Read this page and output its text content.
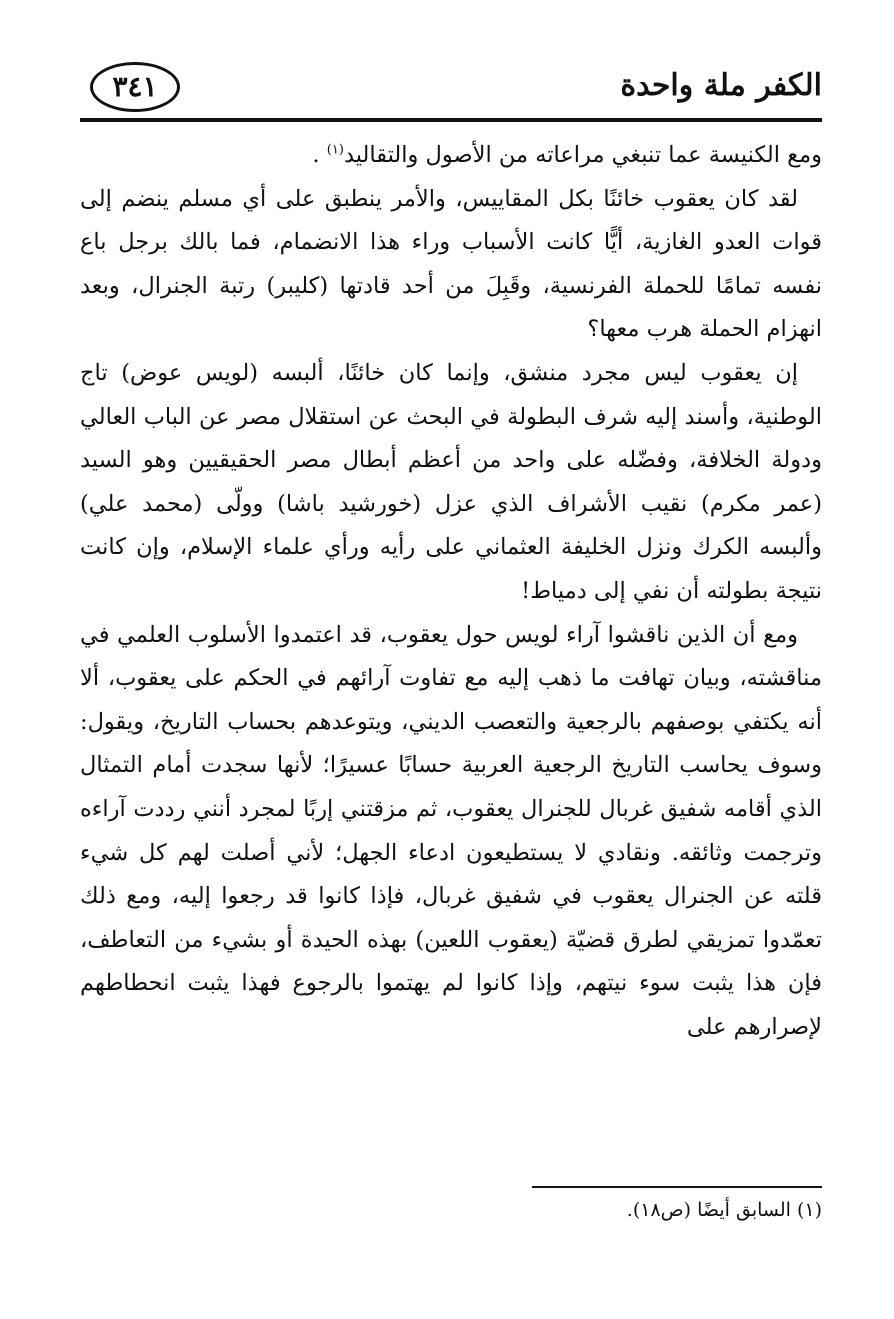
الكفر ملة واحدة
٣٤١

ومع الكنيسة عما تنبغي مراعاته من الأصول والتقاليد$^{(١)}$ .

لقد كان يعقوب خائنًا بكل المقاييس، والأمر ينطبق على أي مسلم ينضم إلى قوات العدو الغازية، أيًّا كانت الأسباب وراء هذا الانضمام، فما بالك برجل باع نفسه تمامًا للحملة الفرنسية، وقَبِلَ من أحد قادتها (كليبر) رتبة الجنرال، وبعد انهزام الحملة هرب معها؟

إن يعقوب ليس مجرد منشق، وإنما كان خائنًا، ألبسه (لويس عوض) تاج الوطنية، وأسند إليه شرف البطولة في البحث عن استقلال مصر عن الباب العالي ودولة الخلافة، وفضّله على واحد من أعظم أبطال مصر الحقيقيين وهو السيد (عمر مكرم) نقيب الأشراف الذي عزل (خورشيد باشا) وولّى (محمد علي) وألبسه الكرك ونزل الخليفة العثماني على رأيه ورأي علماء الإسلام، وإن كانت نتيجة بطولته أن نفي إلى دمياط!

ومع أن الذين ناقشوا آراء لويس حول يعقوب، قد اعتمدوا الأسلوب العلمي في مناقشته، وبيان تهافت ما ذهب إليه مع تفاوت آرائهم في الحكم على يعقوب، ألا أنه يكتفي بوصفهم بالرجعية والتعصب الديني، ويتوعدهم بحساب التاريخ، ويقول: وسوف يحاسب التاريخ الرجعية العربية حسابًا عسيرًا؛ لأنها سجدت أمام التمثال الذي أقامه شفيق غربال للجنرال يعقوب، ثم مزقتني إربًا لمجرد أنني رددت آراءه وترجمت وثائقه. ونقادي لا يستطيعون ادعاء الجهل؛ لأني أصلت لهم كل شيء قلته عن الجنرال يعقوب في شفيق غربال، فإذا كانوا قد رجعوا إليه، ومع ذلك تعمّدوا تمزيقي لطرق قضيّة (يعقوب اللعين) بهذه الحيدة أو بشيء من التعاطف، فإن هذا يثبت سوء نيتهم، وإذا كانوا لم يهتموا بالرجوع فهذا يثبت انحطاطهم لإصرارهم على

(١) السابق أيضًا (ص١٨).
